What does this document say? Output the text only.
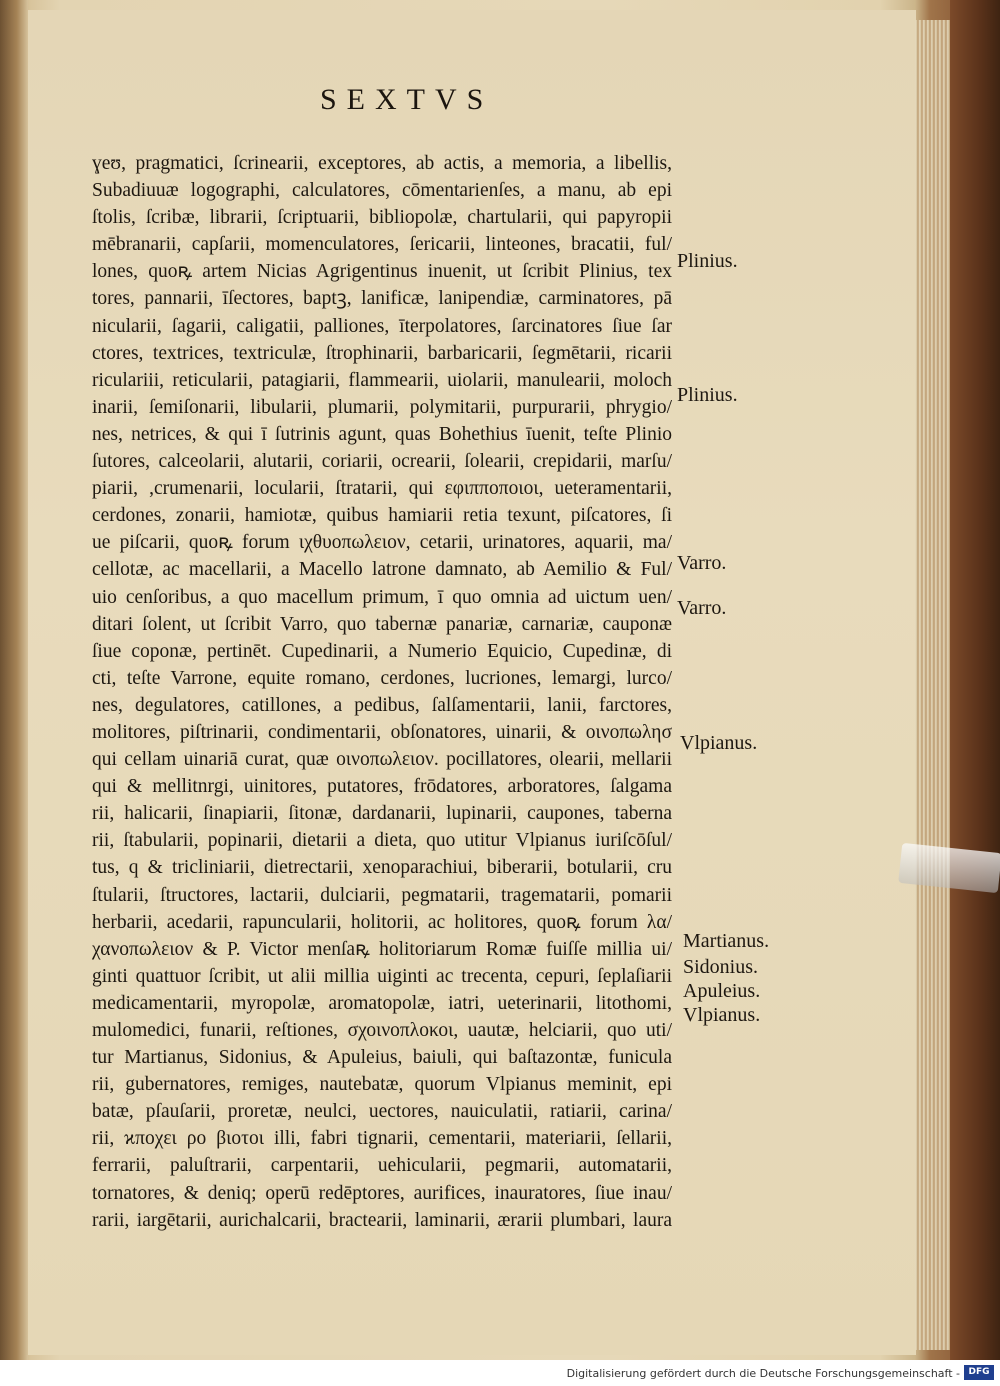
SEXTVS
ɣeʊ, pragmatici, ſcrinearii, exceptores, ab actis, a memoria, a libellis,
Subadiuuæ logographi, calculatores, cōmentarienſes, a manu, ab epi
ſtolis, ſcribæ, librarii, ſcriptuarii, bibliopolæ, chartularii, qui papyropii
mēbranarii, capſarii, momenculatores, ſericarii, linteones, bracatii, ful/
lones, quoꝶ artem Nicias Agrigentinus inuenit, ut ſcribit Plinius, tex
tores, pannarii, īſectores, baptꝫ, lanificæ, lanipendiæ, carminatores, pā
nicularii, ſagarii, caligatii, palliones, īterpolatores, ſarcinatores ſiue ſar
ctores, textrices, textriculæ, ſtrophinarii, barbaricarii, ſegmētarii, ricarii
riculariii, reticularii, patagiarii, flammearii, uiolarii, manulearii, moloch
inarii, ſemiſonarii, libularii, plumarii, polymitarii, purpurarii, phrygio/
nes, netrices, & qui ī ſutrinis agunt, quas Bohethius īuenit, teſte Plinio
ſutores, calceolarii, alutarii, coriarii, ocrearii, ſolearii, crepidarii, marſu/
piarii, ,crumenarii, locularii, ſtratarii, qui ɛφιπποποιοι, ueteramentarii,
cerdones, zonarii, hamiotæ, quibus hamiarii retia texunt, piſcatores, ſi
ue piſcarii, quoꝶ forum ιχθυοπωλειον, cetarii, urinatores, aquarii, ma/
cellotæ, ac macellarii, a Macello latrone damnato, ab Aemilio & Ful/
uio cenſoribus, a quo macellum primum, ī quo omnia ad uictum uen/
ditari ſolent, ut ſcribit Varro, quo tabernæ panariæ, carnariæ, cauponæ
ſiue coponæ, pertinēt. Cupedinarii, a Numerio Equicio, Cupedinæ, di
cti, teſte Varrone, equite romano, cerdones, lucriones, lemargi, lurco/
nes, degulatores, catillones, a pedibus, ſalſamentarii, lanii, farctores,
molitores, piſtrinarii, condimentarii, obſonatores, uinarii, & οινοπωλησ
qui cellam uinariā curat, quæ οινοπωλειον. pocillatores, olearii, mellarii
qui & mellitnrgi, uinitores, putatores, frōdatores, arboratores, ſalgama
rii, halicarii, ſinapiarii, ſitonæ, dardanarii, lupinarii, caupones, taberna
rii, ſtabularii, popinarii, dietarii a dieta, quo utitur Vlpianus iuriſcōſul/
tus, q & tricliniarii, dietrectarii, xenoparachiui, biberarii, botularii, cru
ſtularii, ſtructores, lactarii, dulciarii, pegmatarii, tragematarii, pomarii
herbarii, acedarii, rapuncularii, holitorii, ac holitores, quoꝶ forum λα/
χανοπωλειον & P. Victor menſaꝶ holitoriarum Romæ fuiſſe millia ui/
ginti quattuor ſcribit, ut alii millia uiginti ac trecenta, cepuri, ſeplaſiarii
medicamentarii, myropolæ, aromatopolæ, iatri, ueterinarii, litothomi,
mulomedici, funarii, reſtiones, σχοινοπλοκοι, uautæ, helciarii, quo uti/
tur Martianus, Sidonius, & Apuleius, baiuli, qui baſtazontæ, funicula
rii, gubernatores, remiges, nautebatæ, quorum Vlpianus meminit, epi
batæ, pſauſarii, proretæ, neulci, uectores, nauiculatii, ratiarii, carina/
rii, ϰποχει ρο βιοτοι illi, fabri tignarii, cementarii, materiarii, ſellarii,
ferrarii, paluſtrarii, carpentarii, uehicularii, pegmarii, automatarii,
tornatores, & deniq; operū redēptores, aurifices, inauratores, ſiue inau/
rarii, iargētarii, aurichalcarii, bractearii, laminarii, ærarii plumbari, laura
Plinius.
Plinius.
Varro.
Varro.
Vlpianus.
Martianus.
Sidonius.
Apuleius.
Vlpianus.
Digitalisierung gefördert durch die Deutsche Forschungsgemeinschaft - DFG
